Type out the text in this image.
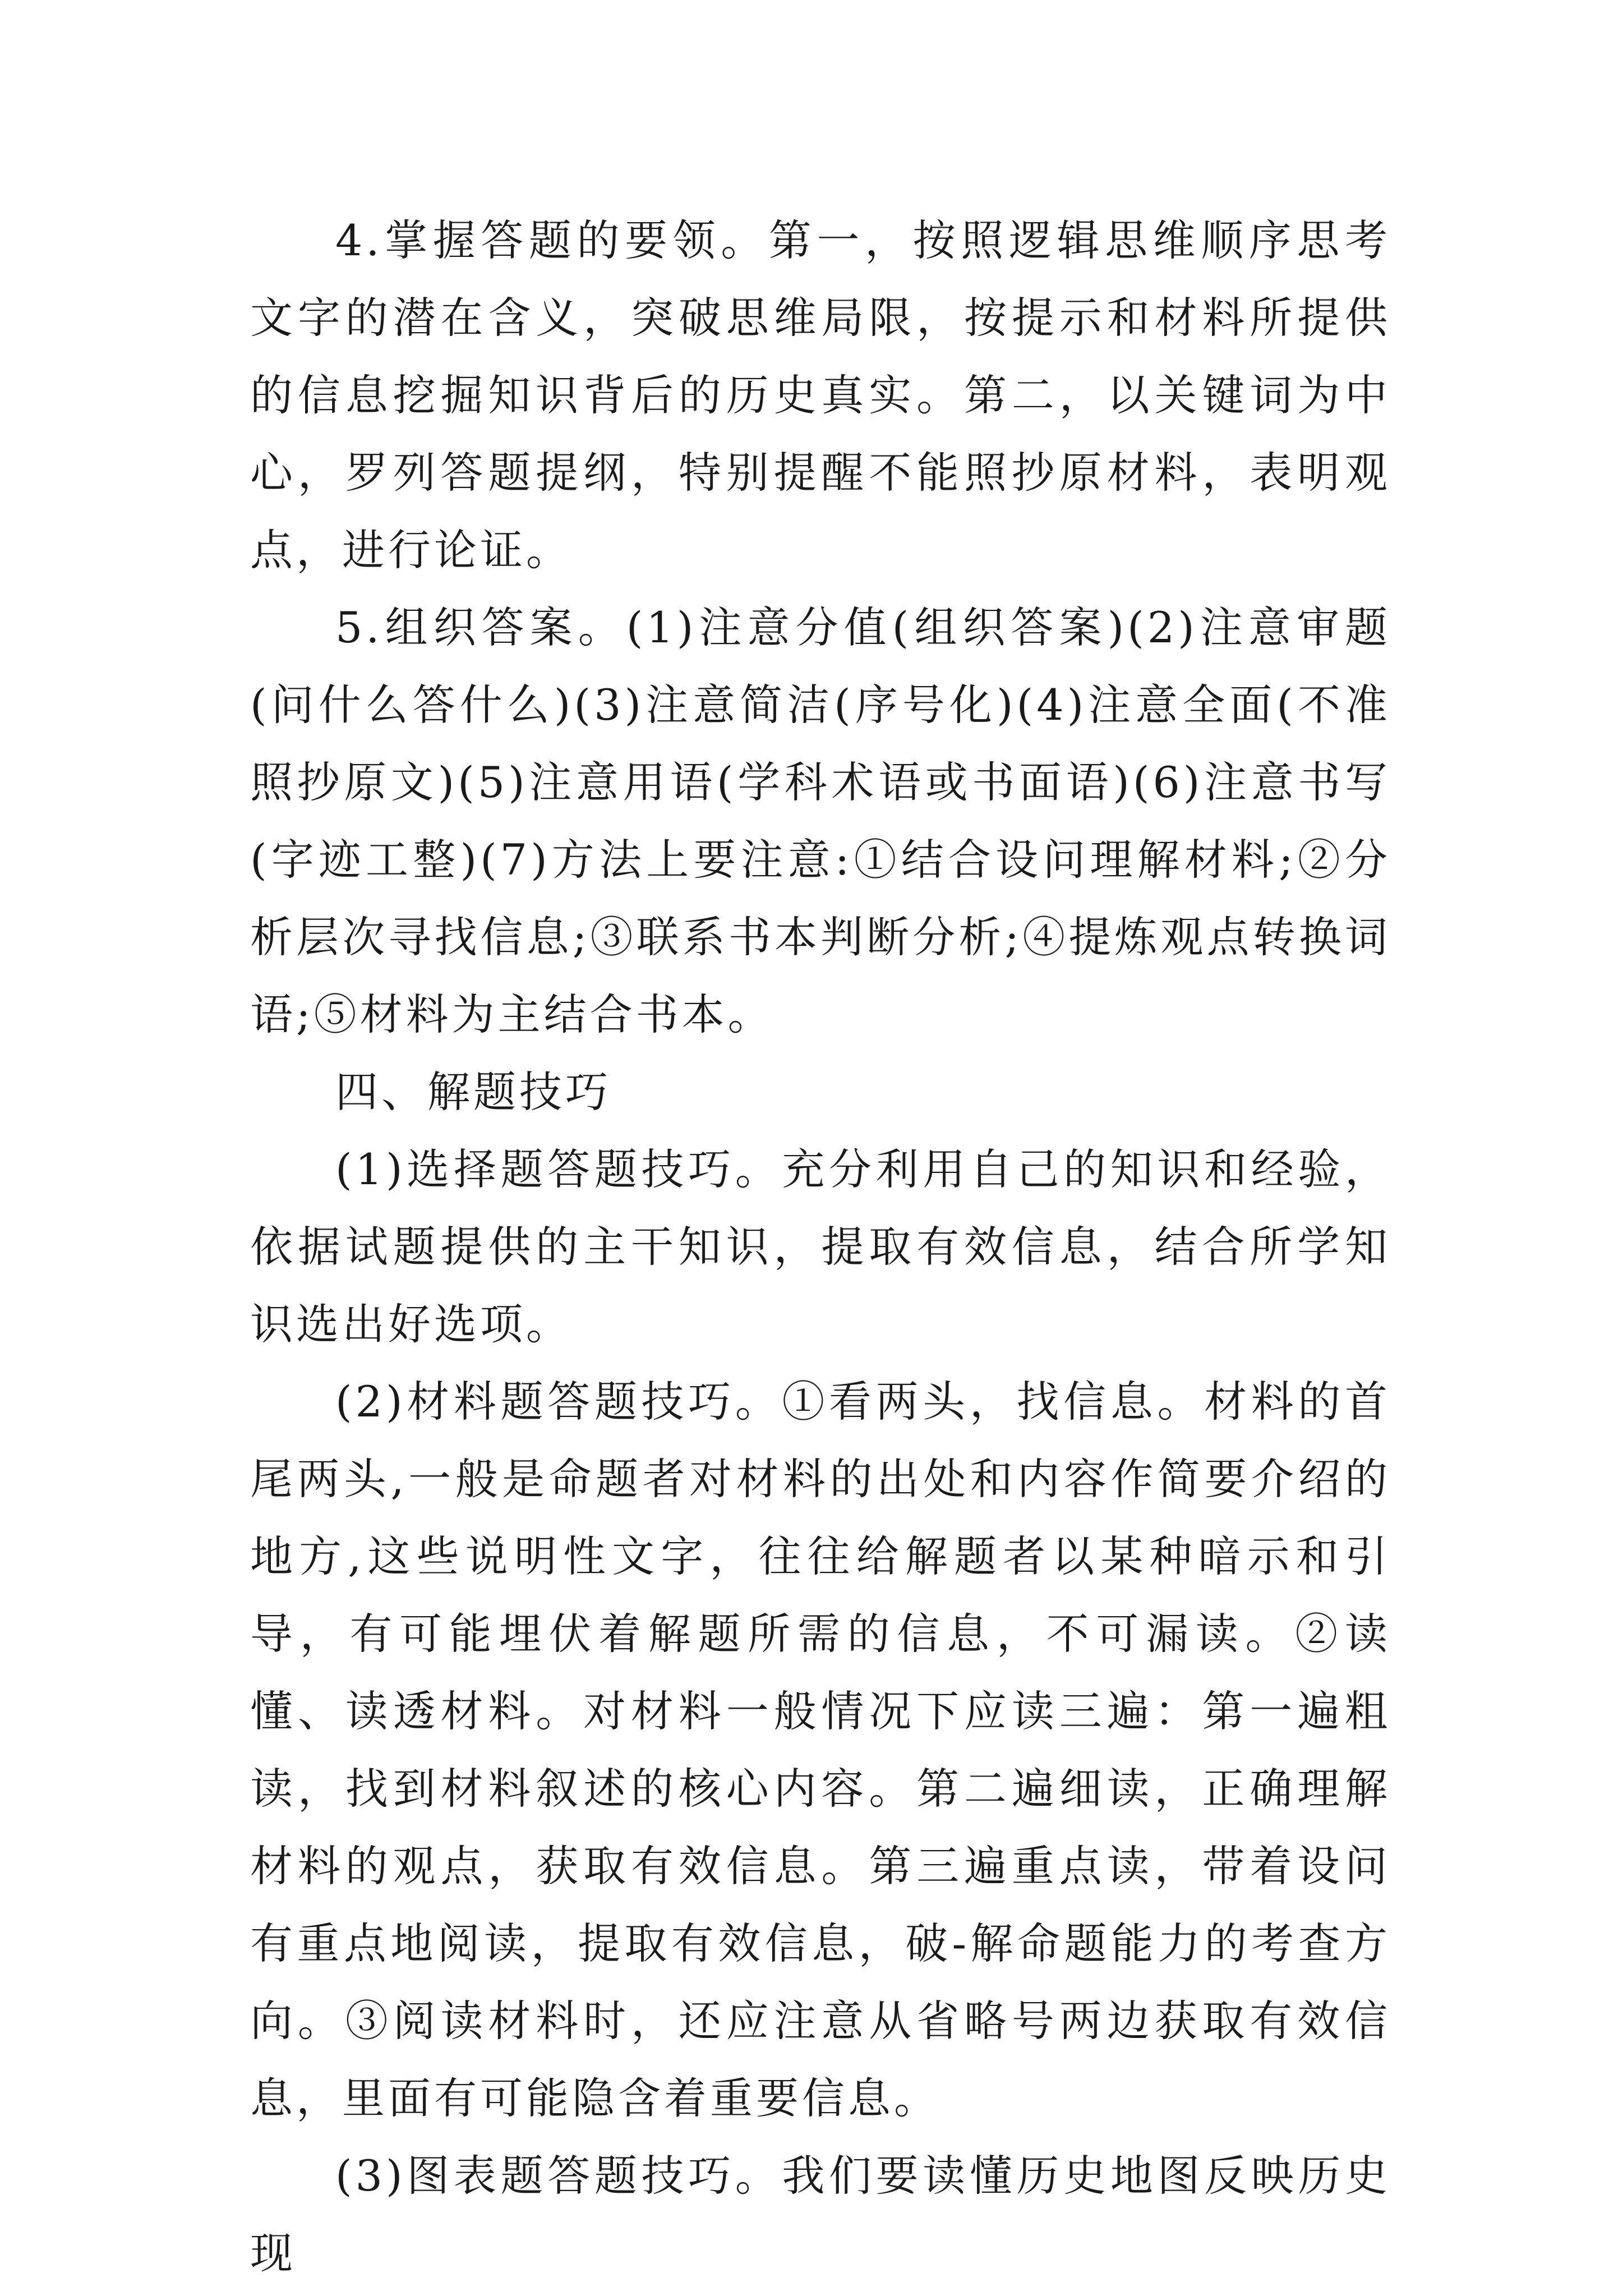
4.掌握答题的要领。第一，按照逻辑思维顺序思考文字的潜在含义，突破思维局限，按提示和材料所提供的信息挖掘知识背后的历史真实。第二，以关键词为中心，罗列答题提纲，特别提醒不能照抄原材料，表明观点，进行论证。

5.组织答案。(1)注意分值(组织答案)(2)注意审题(问什么答什么)(3)注意简洁(序号化)(4)注意全面(不准照抄原文)(5)注意用语(学科术语或书面语)(6)注意书写(字迹工整)(7)方法上要注意:①结合设问理解材料;②分析层次寻找信息;③联系书本判断分析;④提炼观点转换词语;⑤材料为主结合书本。

四、解题技巧

(1)选择题答题技巧。充分利用自己的知识和经验，依据试题提供的主干知识，提取有效信息，结合所学知识选出好选项。

(2)材料题答题技巧。①看两头，找信息。材料的首尾两头,一般是命题者对材料的出处和内容作简要介绍的地方,这些说明性文字，往往给解题者以某种暗示和引导，有可能埋伏着解题所需的信息，不可漏读。②读懂、读透材料。对材料一般情况下应读三遍：第一遍粗读，找到材料叙述的核心内容。第二遍细读，正确理解材料的观点，获取有效信息。第三遍重点读，带着设问有重点地阅读，提取有效信息，破-解命题能力的考查方向。③阅读材料时，还应注意从省略号两边获取有效信息，里面有可能隐含着重要信息。

(3)图表题答题技巧。我们要读懂历史地图反映历史现
